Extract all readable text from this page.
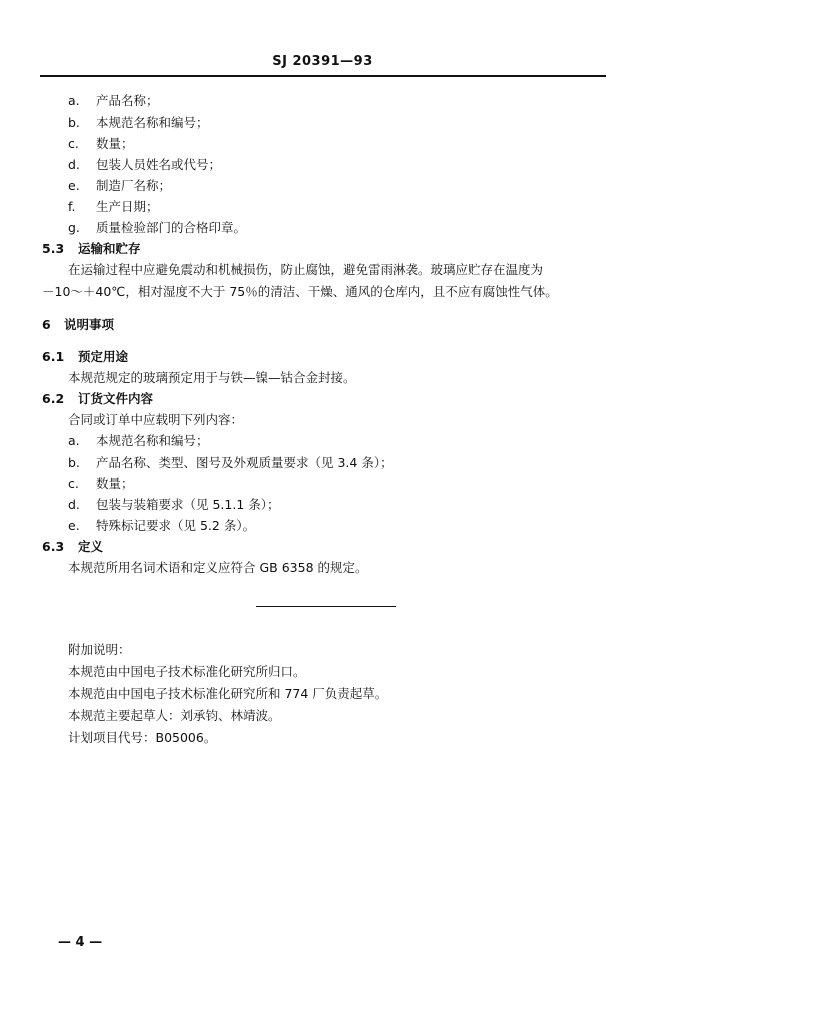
SJ 20391—93
a. 产品名称；
b. 本规范名称和编号；
c. 数量；
d. 包装人员姓名或代号；
e. 制造厂名称；
f. 生产日期；
g. 质量检验部门的合格印章。
5.3 运输和贮存
在运输过程中应避免震动和机械损伤，防止腐蚀，避免雷雨淋袭。玻璃应贮存在温度为
－10～＋40℃，相对湿度不大于 75％的清洁、干燥、通风的仓库内，且不应有腐蚀性气体。
6 说明事项
6.1 预定用途
本规范规定的玻璃预定用于与铁—镍—钴合金封接。
6.2 订货文件内容
合同或订单中应载明下列内容：
a. 本规范名称和编号；
b. 产品名称、类型、图号及外观质量要求（见 3.4 条）；
c. 数量；
d. 包装与装箱要求（见 5.1.1 条）；
e. 特殊标记要求（见 5.2 条）。
6.3 定义
本规范所用名词术语和定义应符合 GB 6358 的规定。
附加说明：
本规范由中国电子技术标准化研究所归口。
本规范由中国电子技术标准化研究所和 774 厂负责起草。
本规范主要起草人：刘承钧、林靖波。
计划项目代号：B05006。
— 4 —
